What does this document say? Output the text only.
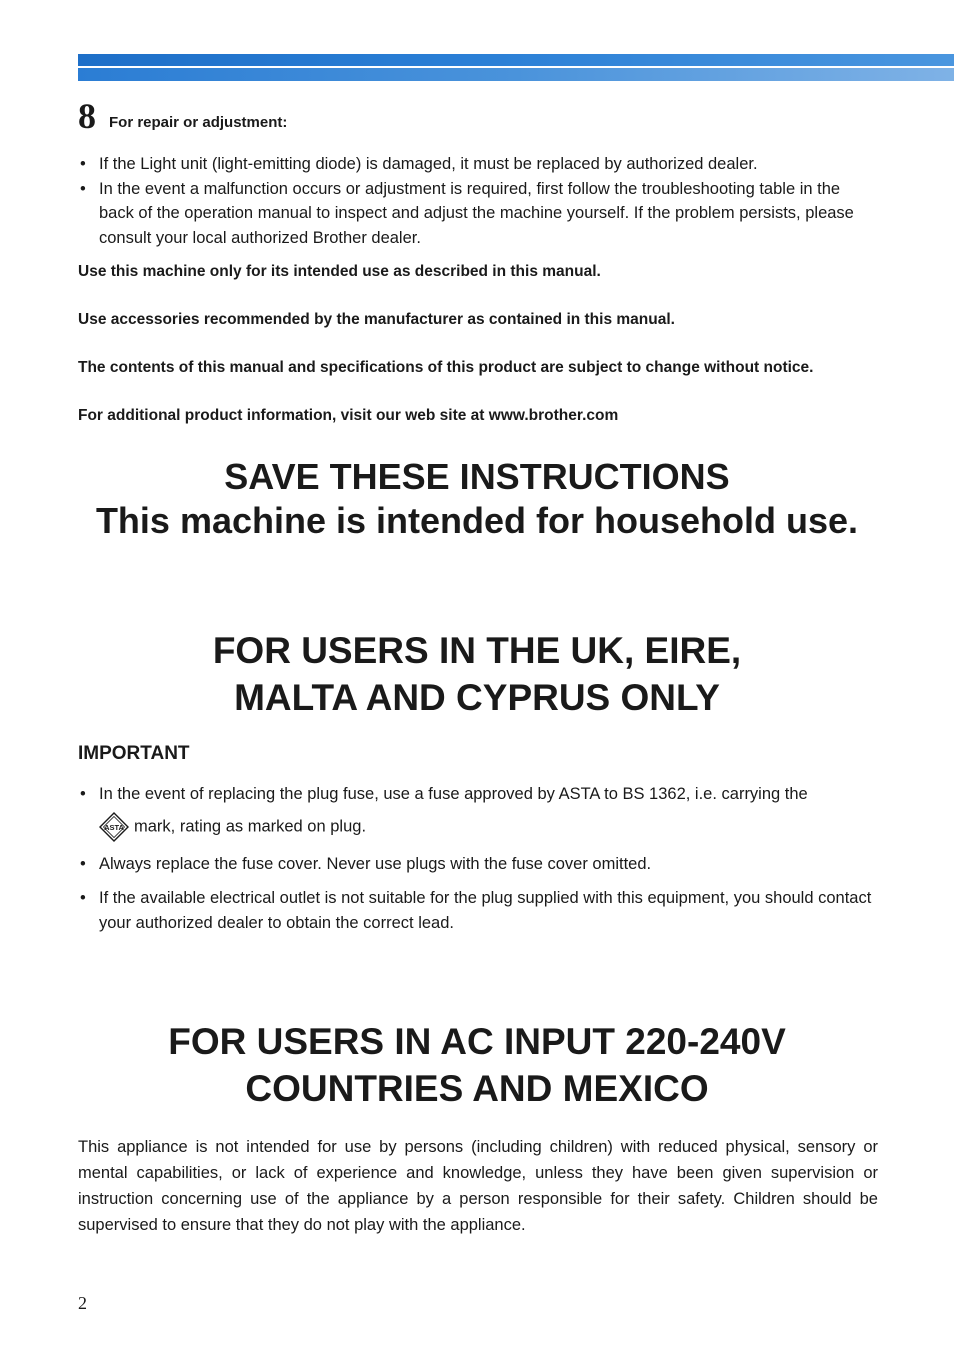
8 For repair or adjustment:
• If the Light unit (light-emitting diode) is damaged, it must be replaced by authorized dealer.
• In the event a malfunction occurs or adjustment is required, first follow the troubleshooting table in the back of the operation manual to inspect and adjust the machine yourself. If the problem persists, please consult your local authorized Brother dealer.
Use this machine only for its intended use as described in this manual.
Use accessories recommended by the manufacturer as contained in this manual.
The contents of this manual and specifications of this product are subject to change without notice.
For additional product information, visit our web site at www.brother.com
SAVE THESE INSTRUCTIONS
This machine is intended for household use.
FOR USERS IN THE UK, EIRE,
MALTA AND CYPRUS ONLY
IMPORTANT
• In the event of replacing the plug fuse, use a fuse approved by ASTA to BS 1362, i.e. carrying the
ASTA mark, rating as marked on plug.
• Always replace the fuse cover. Never use plugs with the fuse cover omitted.
• If the available electrical outlet is not suitable for the plug supplied with this equipment, you should contact your authorized dealer to obtain the correct lead.
FOR USERS IN AC INPUT 220-240V
COUNTRIES AND MEXICO
This appliance is not intended for use by persons (including children) with reduced physical, sensory or mental capabilities, or lack of experience and knowledge, unless they have been given supervision or instruction concerning use of the appliance by a person responsible for their safety. Children should be supervised to ensure that they do not play with the appliance.
2
